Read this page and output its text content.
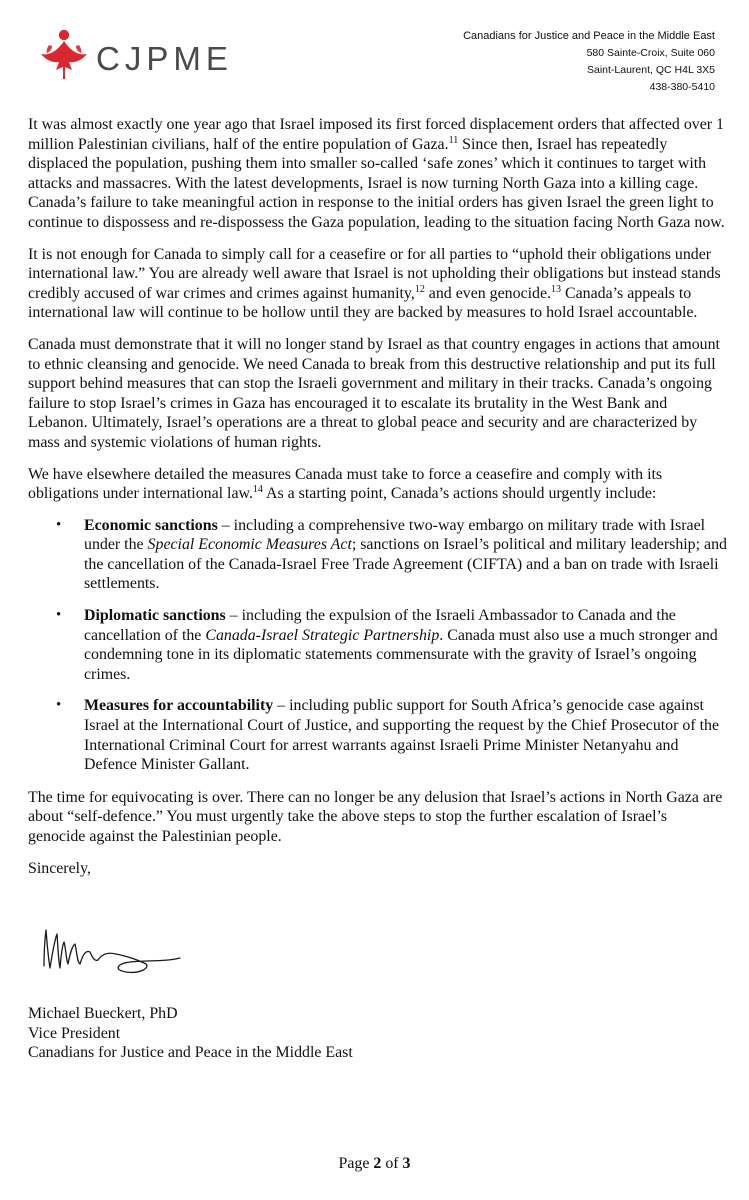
CJPME
Canadians for Justice and Peace in the Middle East
580 Sainte-Croix, Suite 060
Saint-Laurent, QC H4L 3X5
438-380-5410

It was almost exactly one year ago that Israel imposed its first forced displacement orders that affected over 1 million Palestinian civilians, half of the entire population of Gaza.$^{11}$ Since then, Israel has repeatedly displaced the population, pushing them into smaller so-called ‘safe zones’ which it continues to target with attacks and massacres. With the latest developments, Israel is now turning North Gaza into a killing cage. Canada’s failure to take meaningful action in response to the initial orders has given Israel the green light to continue to dispossess and re-dispossess the Gaza population, leading to the situation facing North Gaza now.

It is not enough for Canada to simply call for a ceasefire or for all parties to “uphold their obligations under international law.” You are already well aware that Israel is not upholding their obligations but instead stands credibly accused of war crimes and crimes against humanity,$^{12}$ and even genocide.$^{13}$ Canada’s appeals to international law will continue to be hollow until they are backed by measures to hold Israel accountable.

Canada must demonstrate that it will no longer stand by Israel as that country engages in actions that amount to ethnic cleansing and genocide. We need Canada to break from this destructive relationship and put its full support behind measures that can stop the Israeli government and military in their tracks. Canada’s ongoing failure to stop Israel’s crimes in Gaza has encouraged it to escalate its brutality in the West Bank and Lebanon. Ultimately, Israel’s operations are a threat to global peace and security and are characterized by mass and systemic violations of human rights.

We have elsewhere detailed the measures Canada must take to force a ceasefire and comply with its obligations under international law.$^{14}$ As a starting point, Canada’s actions should urgently include:

• Economic sanctions – including a comprehensive two-way embargo on military trade with Israel under the Special Economic Measures Act; sanctions on Israel’s political and military leadership; and the cancellation of the Canada-Israel Free Trade Agreement (CIFTA) and a ban on trade with Israeli settlements.
• Diplomatic sanctions – including the expulsion of the Israeli Ambassador to Canada and the cancellation of the Canada-Israel Strategic Partnership. Canada must also use a much stronger and condemning tone in its diplomatic statements commensurate with the gravity of Israel’s ongoing crimes.
• Measures for accountability – including public support for South Africa’s genocide case against Israel at the International Court of Justice, and supporting the request by the Chief Prosecutor of the International Criminal Court for arrest warrants against Israeli Prime Minister Netanyahu and Defence Minister Gallant.

The time for equivocating is over. There can no longer be any delusion that Israel’s actions in North Gaza are about “self-defence.” You must urgently take the above steps to stop the further escalation of Israel’s genocide against the Palestinian people.

Sincerely,

Michael Bueckert, PhD
Vice President
Canadians for Justice and Peace in the Middle East
Page 2 of 3
